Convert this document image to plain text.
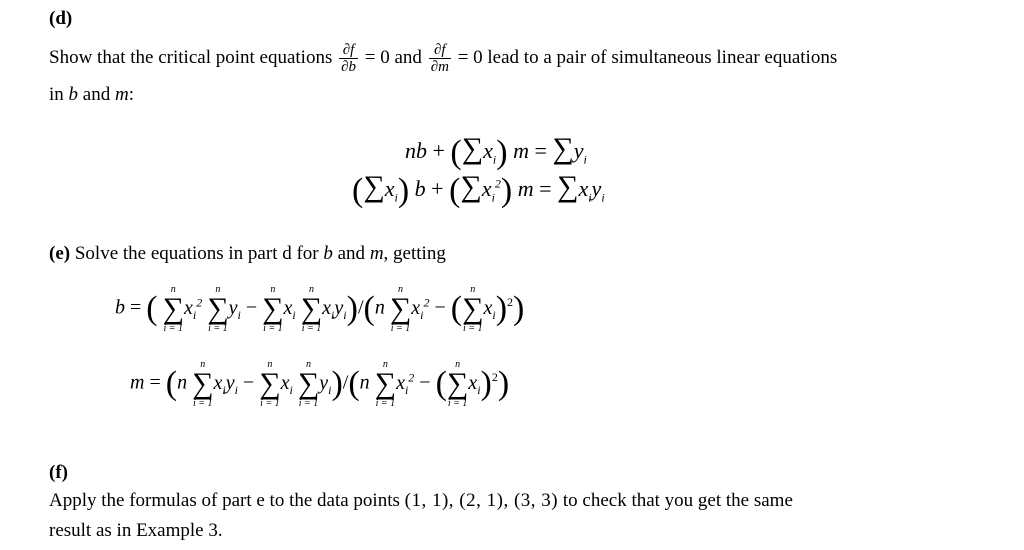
(d)
Show that the critical point equations $\frac{\partial f}{\partial b} = 0$ and $\frac{\partial f}{\partial m} = 0$ lead to a pair of simultaneous linear equations
in b and m:
nb + $(\sum x_i) m = \sum y_i$
$(\sum x_i) b + (\sum x_i^2) m = \sum x_iy_i$
(e) Solve the equations in part d for b and m, getting
b = (
n
∑
i = 1
$x_i^2$
n
∑
i = 1
$y_i$ −
n
∑
i = 1
$x_i$
n
∑
i = 1
$x_iy_i)/(n$
n
∑
i = 1
$x_i^2$ − (
n
∑
i = 1
$x_i)^2$)
m = (n
n
∑
i = 1
$x_iy_i$ −
n
∑
i = 1
$x_i$
n
∑
i = 1
$y_i)/(n$
n
∑
i = 1
$x_i^2$ − (
n
∑
i = 1
$x_i)^2$)
(f)
Apply the formulas of part e to the data points (1, 1), (2, 1), (3, 3) to check that you get the same
result as in Example 3.
